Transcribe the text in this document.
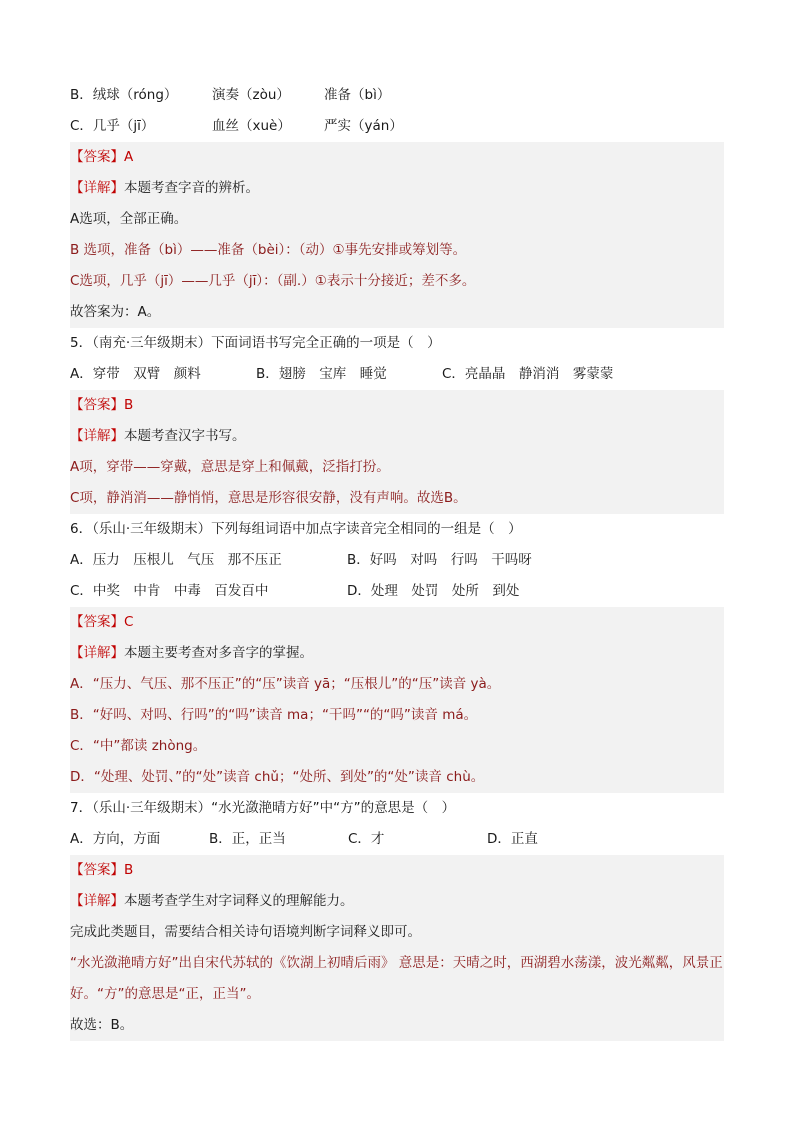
B．绒球（róng）	演奏（zòu）	准备（bì）
C．几乎（jī）	血丝（xuè） 严实（yán）
【答案】A
【详解】本题考查字音的辨析。
A选项，全部正确。
B 选项，准备（bì）——准备（bèi）：（动）①事先安排或筹划等。
C选项，几乎（jī）——几乎（jī）：（副.）①表示十分接近；差不多。
故答案为：A。
5．（南充·三年级期末）下面词语书写完全正确的一项是（　）
A．穿带　双臂　颜料	B．翅膀　宝库　睡觉	C．亮晶晶　静消消　雾蒙蒙
【答案】B
【详解】本题考查汉字书写。
A项，穿带——穿戴，意思是穿上和佩戴，泛指打扮。
C项，静消消——静悄悄，意思是形容很安静，没有声响。故选B。
6．（乐山·三年级期末）下列每组词语中加点字读音完全相同的一组是（　）
A．压力　压根儿　气压　那不压正	B．好吗　对吗　行吗　干吗呀
C．中奖　中肯　中毒　百发百中	D．处理　处罚　处所　到处
【答案】C
【详解】本题主要考查对多音字的掌握。
A．“压力、气压、那不压正”的“压”读音 yā；“压根儿”的“压”读音 yà。
B．“好吗、对吗、行吗”的“吗”读音 ma；“干吗”“的“吗”读音 má。
C．“中”都读 zhòng。
D．“处理、处罚、”的“处”读音 chǔ；“处所、到处”的“处”读音 chù。
7．（乐山·三年级期末）“水光潋滟晴方好”中“方”的意思是（　）
A．方向，方面	B．正，正当	C．才	D．正直
【答案】B
【详解】本题考查学生对字词释义的理解能力。
完成此类题目，需要结合相关诗句语境判断字词释义即可。
“水光潋滟晴方好”出自宋代苏轼的《饮湖上初晴后雨》 意思是：天晴之时，西湖碧水荡漾，波光粼粼，风景正好。“方”的意思是“正，正当”。
故选：B。
